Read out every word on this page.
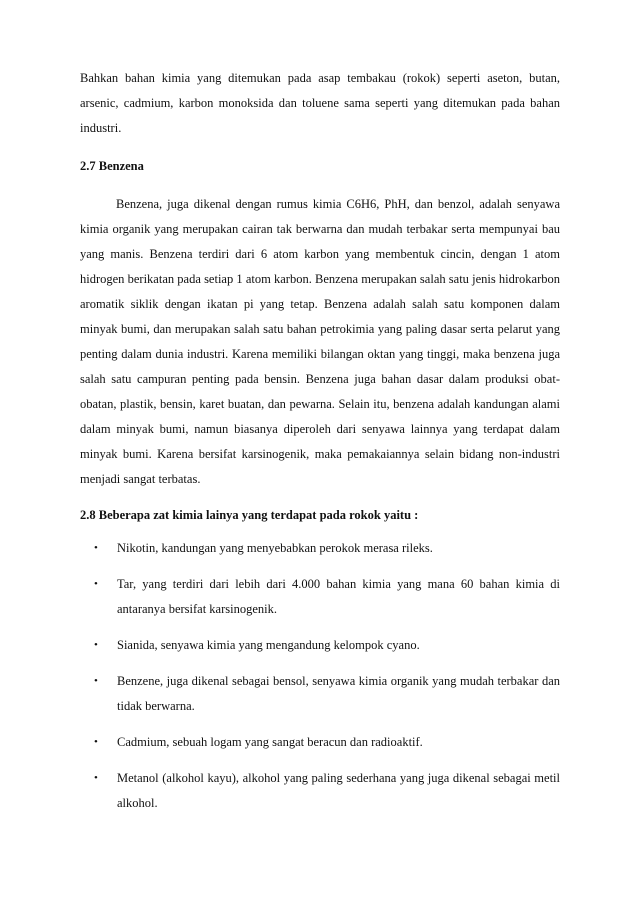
Bahkan bahan kimia yang ditemukan pada asap tembakau (rokok) seperti aseton, butan, arsenic, cadmium, karbon monoksida dan toluene sama seperti yang ditemukan pada bahan industri.

2.7 Benzena

Benzena, juga dikenal dengan rumus kimia C6H6, PhH, dan benzol, adalah senyawa kimia organik yang merupakan cairan tak berwarna dan mudah terbakar serta mempunyai bau yang manis. Benzena terdiri dari 6 atom karbon yang membentuk cincin, dengan 1 atom hidrogen berikatan pada setiap 1 atom karbon. Benzena merupakan salah satu jenis hidrokarbon aromatik siklik dengan ikatan pi yang tetap. Benzena adalah salah satu komponen dalam minyak bumi, dan merupakan salah satu bahan petrokimia yang paling dasar serta pelarut yang penting dalam dunia industri. Karena memiliki bilangan oktan yang tinggi, maka benzena juga salah satu campuran penting pada bensin. Benzena juga bahan dasar dalam produksi obat-obatan, plastik, bensin, karet buatan, dan pewarna. Selain itu, benzena adalah kandungan alami dalam minyak bumi, namun biasanya diperoleh dari senyawa lainnya yang terdapat dalam minyak bumi. Karena bersifat karsinogenik, maka pemakaiannya selain bidang non-industri menjadi sangat terbatas.

2.8 Beberapa zat kimia lainya yang terdapat pada rokok yaitu :
• Nikotin, kandungan yang menyebabkan perokok merasa rileks.
• Tar, yang terdiri dari lebih dari 4.000 bahan kimia yang mana 60 bahan kimia di antaranya bersifat karsinogenik.
• Sianida, senyawa kimia yang mengandung kelompok cyano.
• Benzene, juga dikenal sebagai bensol, senyawa kimia organik yang mudah terbakar dan tidak berwarna.
• Cadmium, sebuah logam yang sangat beracun dan radioaktif.
• Metanol (alkohol kayu), alkohol yang paling sederhana yang juga dikenal sebagai metil alkohol.
